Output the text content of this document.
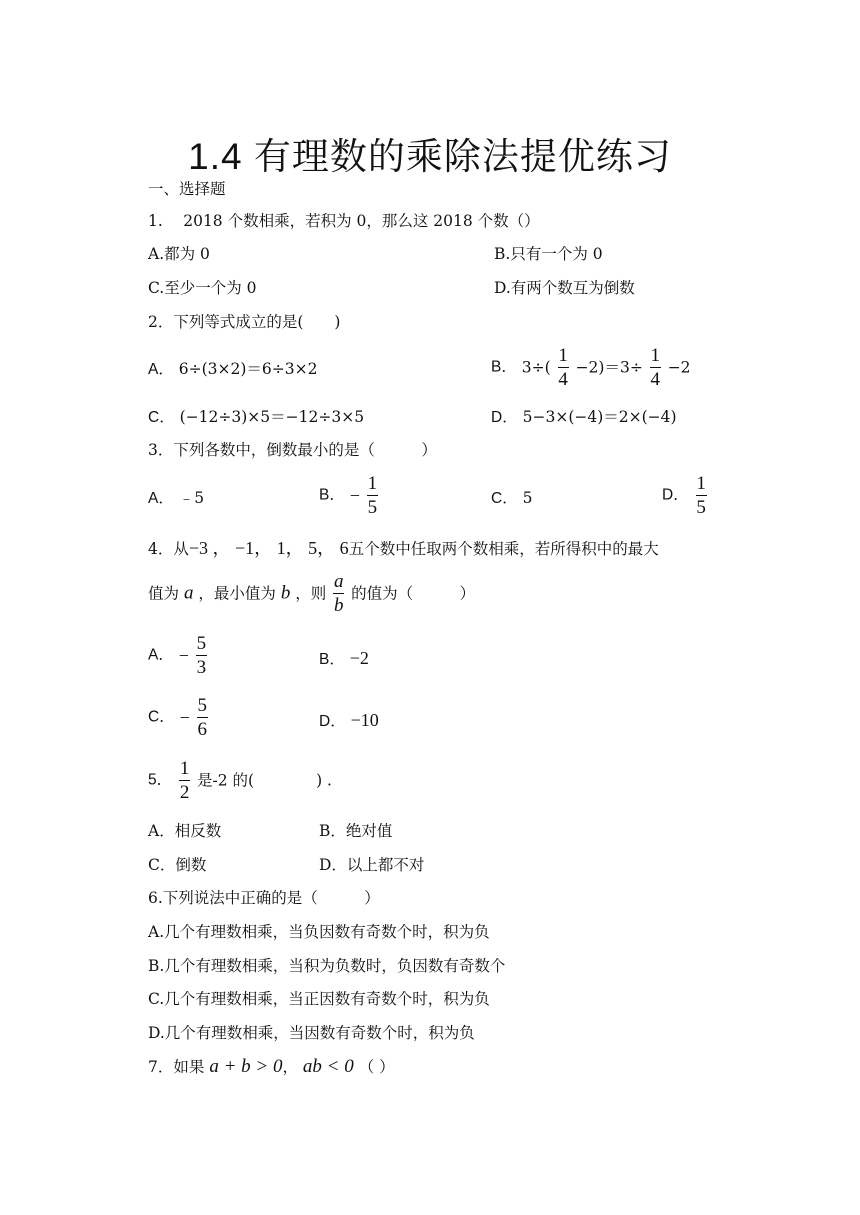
1.4 有理数的乘除法提优练习
一、选择题
1.　 2018 个数相乘，若积为 0，那么这 2018 个数（）
A.都为 0	B.只有一个为 0
C.至少一个为 0	D.有两个数互为倒数
2．下列等式成立的是(　　)
A． 6÷(3×2)＝6÷3×2	B． $3\div( \frac{1}{4} -2)=3\div \frac{1}{4} -2$
C． (−12÷3)×5＝−12÷3×5	D． 5−3×(−4)＝2×(−4)
3．下列各数中，倒数最小的是（　　　）
A． ﹣5	B． − $\frac{1}{5}$	C． 5	D． $\frac{1}{5}$
4．从−3 ， −1， 1， 5， 6五个数中任取两个数相乘，若所得积中的最大
值为 a ，最小值为 b ，则 $\frac{a}{b}$ 的值为（　　　）
A． − $\frac{5}{3}$	B． −2
C． − $\frac{5}{6}$	D． −10
5． $\frac{1}{2}$ 是-2 的(　　　　) .
A．相反数	B．绝对值
C．倒数	D．以上都不对
6.下列说法中正确的是（　　　）
A.几个有理数相乘，当负因数有奇数个时，积为负
B.几个有理数相乘，当积为负数时，负因数有奇数个
C.几个有理数相乘，当正因数有奇数个时，积为负
D.几个有理数相乘，当因数有奇数个时，积为负
7．如果 a + b > 0， ab < 0 （ ）
